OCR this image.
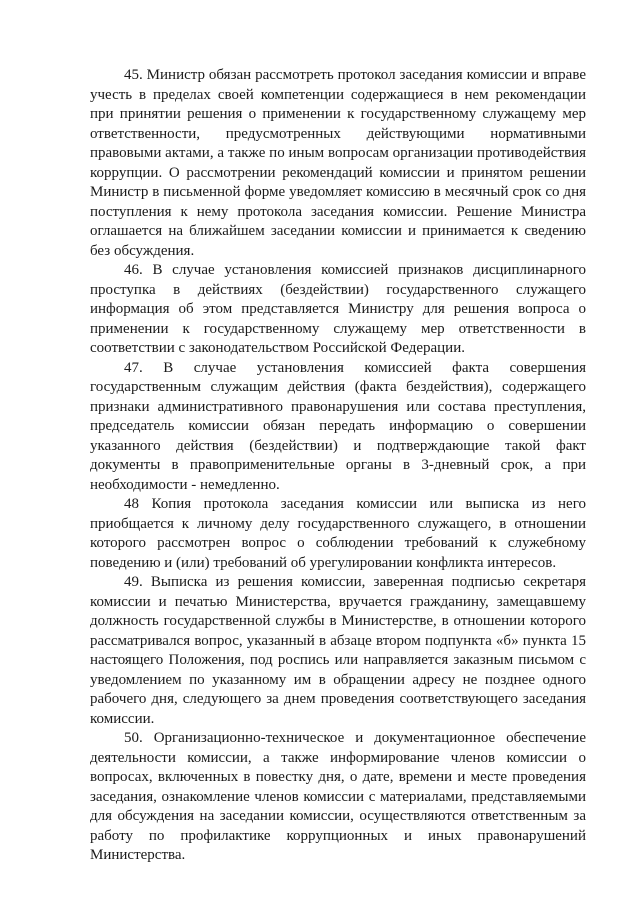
45. Министр обязан рассмотреть протокол заседания комиссии и вправе учесть в пределах своей компетенции содержащиеся в нем рекомендации при принятии решения о применении к государственному служащему мер ответственности, предусмотренных действующими нормативными правовыми актами, а также по иным вопросам организации противодействия коррупции. О рассмотрении рекомендаций комиссии и принятом решении Министр в письменной форме уведомляет комиссию в месячный срок со дня поступления к нему протокола заседания комиссии. Решение Министра оглашается на ближайшем заседании комиссии и принимается к сведению без обсуждения.

46. В случае установления комиссией признаков дисциплинарного проступка в действиях (бездействии) государственного служащего информация об этом представляется Министру для решения вопроса о применении к государственному служащему мер ответственности в соответствии с законодательством Российской Федерации.

47. В случае установления комиссией факта совершения государственным служащим действия (факта бездействия), содержащего признаки административного правонарушения или состава преступления, председатель комиссии обязан передать информацию о совершении указанного действия (бездействии) и подтверждающие такой факт документы в правоприменительные органы в 3-дневный срок, а при необходимости - немедленно.

48 Копия протокола заседания комиссии или выписка из него приобщается к личному делу государственного служащего, в отношении которого рассмотрен вопрос о соблюдении требований к служебному поведению и (или) требований об урегулировании конфликта интересов.

49. Выписка из решения комиссии, заверенная подписью секретаря комиссии и печатью Министерства, вручается гражданину, замещавшему должность государственной службы в Министерстве, в отношении которого рассматривался вопрос, указанный в абзаце втором подпункта «б» пункта 15 настоящего Положения, под роспись или направляется заказным письмом с уведомлением по указанному им в обращении адресу не позднее одного рабочего дня, следующего за днем проведения соответствующего заседания комиссии.

50. Организационно-техническое и документационное обеспечение деятельности комиссии, а также информирование членов комиссии о вопросах, включенных в повестку дня, о дате, времени и месте проведения заседания, ознакомление членов комиссии с материалами, представляемыми для обсуждения на заседании комиссии, осуществляются ответственным за работу по профилактике коррупционных и иных правонарушений Министерства.
